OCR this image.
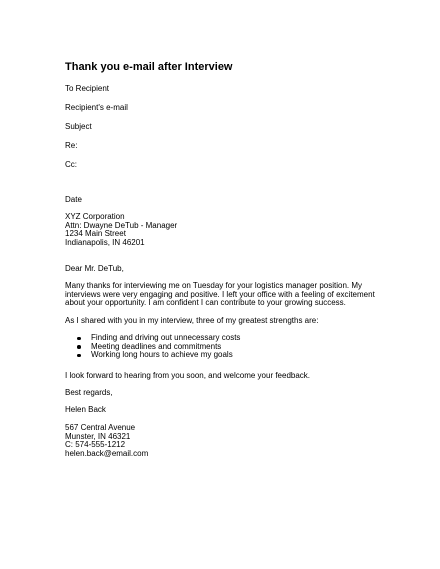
Thank you e-mail after Interview
To Recipient
Recipient's e-mail
Subject
Re:
Cc:
Date
XYZ Corporation
Attn: Dwayne DeTub - Manager
1234 Main Street
Indianapolis, IN 46201
Dear Mr. DeTub,
Many thanks for interviewing me on Tuesday for your logistics manager position. My
interviews were very engaging and positive. I left your office with a feeling of excitement
about your opportunity. I am confident I can contribute to your growing success.
As I shared with you in my interview, three of my greatest strengths are:
Finding and driving out unnecessary costs
Meeting deadlines and commitments
Working long hours to achieve my goals
I look forward to hearing from you soon, and welcome your feedback.
Best regards,
Helen Back
567 Central Avenue
Munster, IN 46321
C: 574-555-1212
helen.back@email.com
